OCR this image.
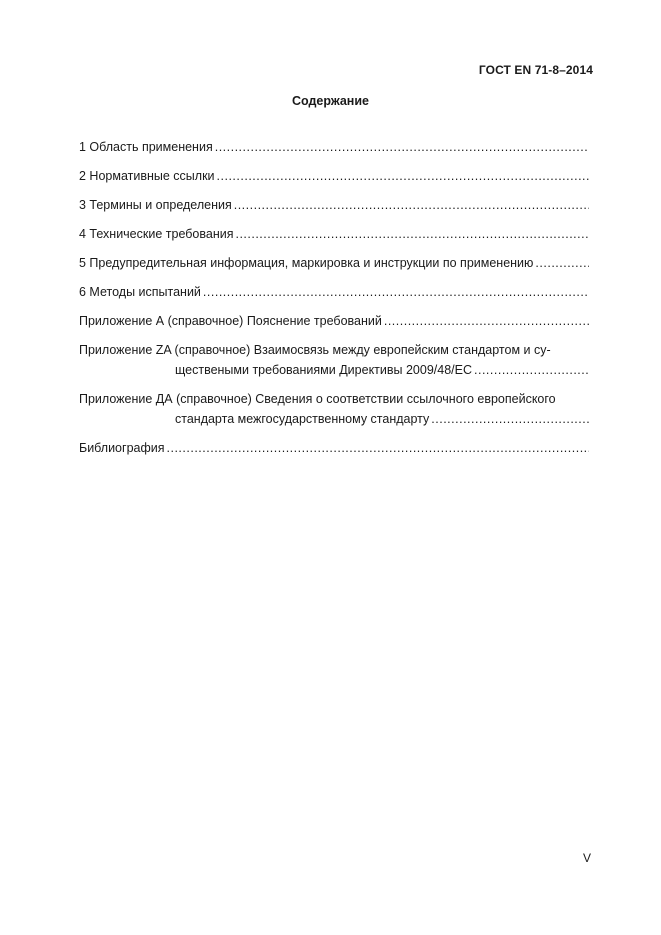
ГОСТ EN 71-8–2014
Содержание
1 Область применения
.....
2 Нормативные ссылки
.....
3 Термины и определения
.....
4 Технические требования
.....
5 Предупредительная информация, маркировка и инструкции по применению
.....
6 Методы испытаний
.....
Приложение А (справочное) Пояснение требований
.....
Приложение ZA (справочное) Взаимосвязь между европейским стандартом и су-
ществеными требованиями Директивы 2009/48/EC
.....
Приложение ДА (справочное) Сведения о соответствии ссылочного европейского
стандарта межгосударственному стандарту
.....
Библиография
.....
V
